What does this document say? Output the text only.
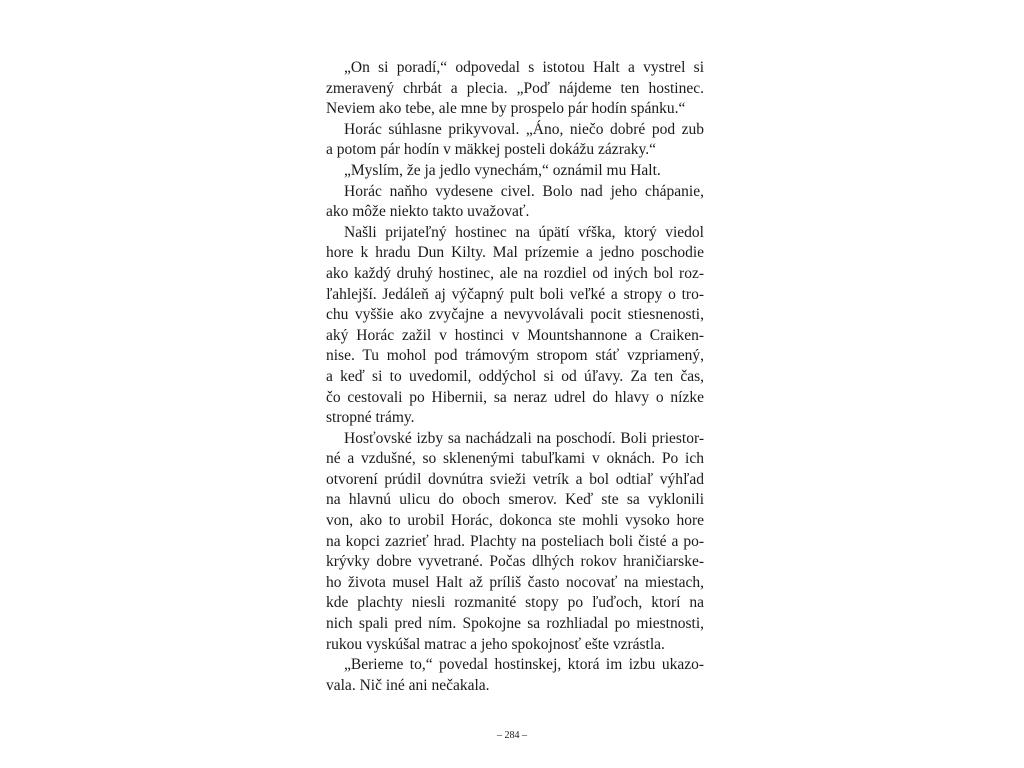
„On si poradí,“ odpovedal s istotou Halt a vystrel si
zmeravený chrbát a plecia. „Poď nájdeme ten hostinec.
Neviem ako tebe, ale mne by prospelo pár hodín spánku.“
Horác súhlasne prikyvoval. „Áno, niečo dobré pod zub
a potom pár hodín v mäkkej posteli dokážu zázraky.“
„Myslím, že ja jedlo vynechám,“ oznámil mu Halt.
Horác naňho vydesene civel. Bolo nad jeho chápanie,
ako môže niekto takto uvažovať.
Našli prijateľný hostinec na úpätí vŕška, ktorý viedol
hore k hradu Dun Kilty. Mal prízemie a jedno poschodie
ako každý druhý hostinec, ale na rozdiel od iných bol roz-
ľahlejší. Jedáleň aj výčapný pult boli veľké a stropy o tro-
chu vyššie ako zvyčajne a nevyvolávali pocit stiesnenosti,
aký Horác zažil v hostinci v Mountshannone a Craiken-
nise. Tu mohol pod trámovým stropom stáť vzpriamený,
a keď si to uvedomil, oddýchol si od úľavy. Za ten čas,
čo cestovali po Hibernii, sa neraz udrel do hlavy o nízke
stropné trámy.
Hosťovské izby sa nachádzali na poschodí. Boli priestor-
né a vzdušné, so sklenenými tabuľkami v oknách. Po ich
otvorení prúdil dovnútra svieži vetrík a bol odtiaľ výhľad
na hlavnú ulicu do oboch smerov. Keď ste sa vyklonili
von, ako to urobil Horác, dokonca ste mohli vysoko hore
na kopci zazrieť hrad. Plachty na posteliach boli čisté a po-
krývky dobre vyvetrané. Počas dlhých rokov hraničiarske-
ho života musel Halt až príliš často nocovať na miestach,
kde plachty niesli rozmanité stopy po ľuďoch, ktorí na
nich spali pred ním. Spokojne sa rozhliadal po miestnosti,
rukou vyskúšal matrac a jeho spokojnosť ešte vzrástla.
„Berieme to,“ povedal hostinskej, ktorá im izbu ukazo-
vala. Nič iné ani nečakala.
– 284 –
